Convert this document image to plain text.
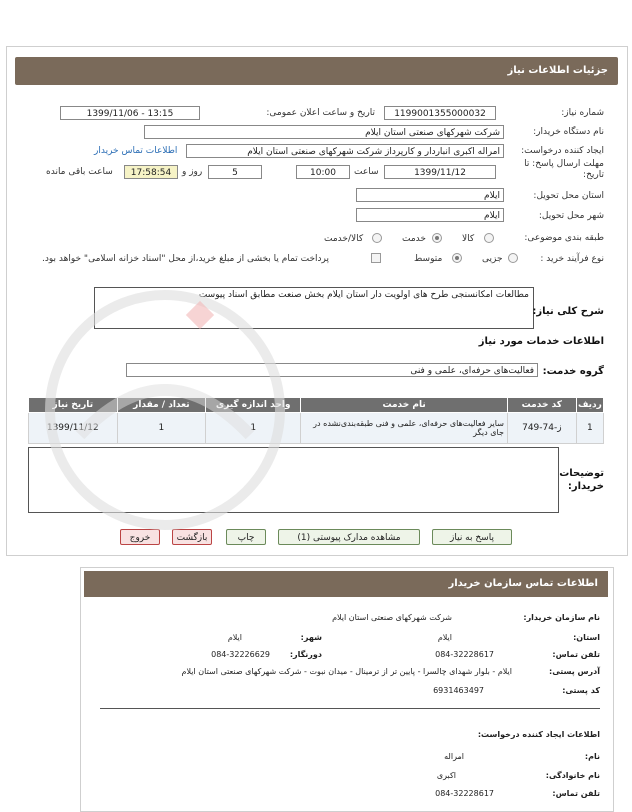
جزئیات اطلاعات نیاز
شماره نیاز:
1199001355000032
تاریخ و ساعت اعلان عمومی:
1399/11/06 - 13:15
نام دستگاه خریدار:
شرکت شهرکهای صنعتی استان ایلام
ایجاد کننده درخواست:
امراله اکبری انباردار و کارپرداز شرکت شهرکهای صنعتی استان ایلام
اطلاعات تماس خریدار
مهلت ارسال پاسخ: تا تاریخ:
1399/11/12
ساعت
10:00
5
روز و
17:58:54
ساعت باقی مانده
استان محل تحویل:
ایلام
شهر محل تحویل:
ایلام
طبقه بندی موضوعی:
کالا
خدمت
کالا/خدمت
نوع فرآیند خرید :
جزیی
متوسط
پرداخت تمام یا بخشی از مبلغ خرید،از محل "اسناد خزانه اسلامی" خواهد بود.
مطالعات امکانسنجی طرح های اولویت دار استان ایلام بخش صنعت مطابق اسناد پیوست
شرح کلی نیاز:
اطلاعات خدمات مورد نیاز
گروه خدمت:
فعالیت‌های حرفه‌ای، علمی و فنی
ردیف	کد خدمت	نام خدمت	واحد اندازه گیری	تعداد / مقدار	تاریخ نیاز
1	ز-74-749	سایر فعالیت‌های حرفه‌ای، علمی و فنی طبقه‌بندی‌نشده در جای دیگر	1	1	1399/11/12
توضیحات خریدار:
پاسخ به نیاز
مشاهده مدارک پیوستی (1)
چاپ
بازگشت
خروج
اطلاعات تماس سازمان خریدار
نام سازمان خریدار:
شرکت شهرکهای صنعتی استان ایلام
استان:
ایلام
شهر:
ایلام
تلفن تماس:
084-32228617
دورنگار:
084-32226629
آدرس پستی:
ایلام - بلوار شهدای چالسرا - پایین تر از ترمینال - میدان نبوت - شرکت شهرکهای صنعتی استان ایلام
کد پستی:
6931463497
اطلاعات ایجاد کننده درخواست:
نام:
امراله
نام خانوادگی:
اکبری
تلفن تماس:
084-32228617
